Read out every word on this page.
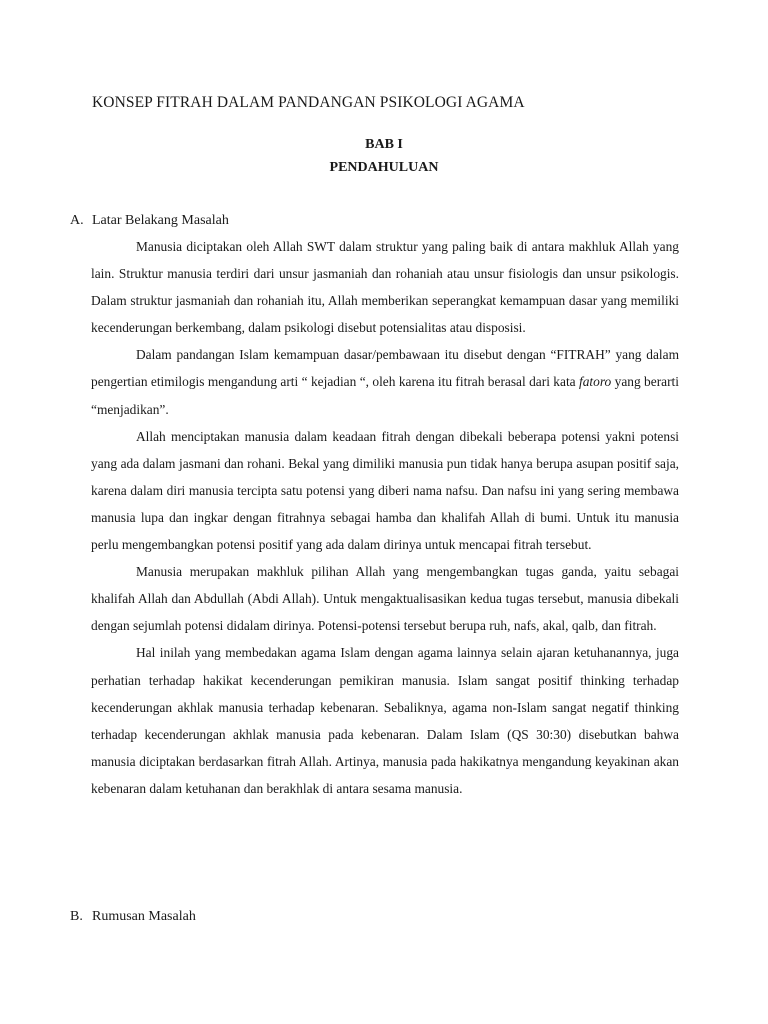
KONSEP FITRAH DALAM PANDANGAN PSIKOLOGI AGAMA
BAB I
PENDAHULUAN
A. Latar Belakang Masalah

Manusia diciptakan oleh Allah SWT dalam struktur yang paling baik di antara makhluk Allah yang lain. Struktur manusia terdiri dari unsur jasmaniah dan rohaniah atau unsur fisiologis dan unsur psikologis. Dalam struktur jasmaniah dan rohaniah itu, Allah memberikan seperangkat kemampuan dasar yang memiliki kecenderungan berkembang, dalam psikologi disebut potensialitas atau disposisi.

Dalam pandangan Islam kemampuan dasar/pembawaan itu disebut dengan “FITRAH” yang dalam pengertian etimilogis mengandung arti “ kejadian “, oleh karena itu fitrah berasal dari kata fatoro yang berarti “menjadikan”.

Allah menciptakan manusia dalam keadaan fitrah dengan dibekali beberapa potensi yakni potensi yang ada dalam jasmani dan rohani. Bekal yang dimiliki manusia pun tidak hanya berupa asupan positif saja, karena dalam diri manusia tercipta satu potensi yang diberi nama nafsu. Dan nafsu ini yang sering membawa manusia lupa dan ingkar dengan fitrahnya sebagai hamba dan khalifah Allah di bumi. Untuk itu manusia perlu mengembangkan potensi positif yang ada dalam dirinya untuk mencapai fitrah tersebut.

Manusia merupakan makhluk pilihan Allah yang mengembangkan tugas ganda, yaitu sebagai khalifah Allah dan Abdullah (Abdi Allah). Untuk mengaktualisasikan kedua tugas tersebut, manusia dibekali dengan sejumlah potensi didalam dirinya. Potensi-potensi tersebut berupa ruh, nafs, akal, qalb, dan fitrah.

Hal inilah yang membedakan agama Islam dengan agama lainnya selain ajaran ketuhanannya, juga perhatian terhadap hakikat kecenderungan pemikiran manusia. Islam sangat positif thinking terhadap kecenderungan akhlak manusia terhadap kebenaran. Sebaliknya, agama non-Islam sangat negatif thinking terhadap kecenderungan akhlak manusia pada kebenaran. Dalam Islam (QS 30:30) disebutkan bahwa manusia diciptakan berdasarkan fitrah Allah. Artinya, manusia pada hakikatnya mengandung keyakinan akan kebenaran dalam ketuhanan dan berakhlak di antara sesama manusia.

B. Rumusan Masalah
